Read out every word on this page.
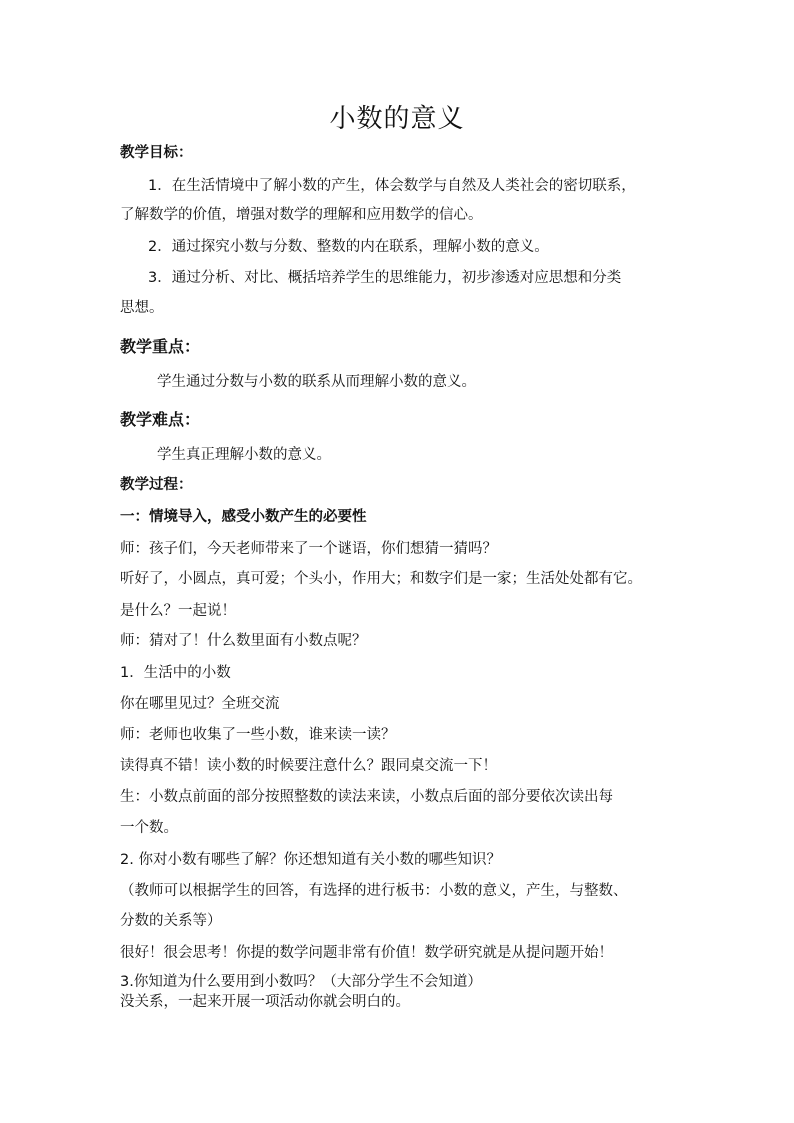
小数的意义
教学目标：
1．在生活情境中了解小数的产生，体会数学与自然及人类社会的密切联系，
了解数学的价值，增强对数学的理解和应用数学的信心。
2．通过探究小数与分数、整数的内在联系，理解小数的意义。
3．通过分析、对比、概括培养学生的思维能力，初步渗透对应思想和分类
思想。
教学重点：
学生通过分数与小数的联系从而理解小数的意义。
教学难点：
学生真正理解小数的意义。
教学过程：
一：情境导入，感受小数产生的必要性
师：孩子们，今天老师带来了一个谜语，你们想猜一猜吗？
听好了，小圆点，真可爱；个头小，作用大；和数字们是一家；生活处处都有它。
是什么？一起说！
师：猜对了！什么数里面有小数点呢？
1．生活中的小数
你在哪里见过？全班交流
师：老师也收集了一些小数，谁来读一读？
读得真不错！读小数的时候要注意什么？跟同桌交流一下！
生：小数点前面的部分按照整数的读法来读，小数点后面的部分要依次读出每
一个数。
2. 你对小数有哪些了解？你还想知道有关小数的哪些知识？
（教师可以根据学生的回答，有选择的进行板书：小数的意义，产生，与整数、
分数的关系等）
很好！很会思考！你提的数学问题非常有价值！数学研究就是从提问题开始！
3.你知道为什么要用到小数吗？（大部分学生不会知道）
没关系，一起来开展一项活动你就会明白的。
